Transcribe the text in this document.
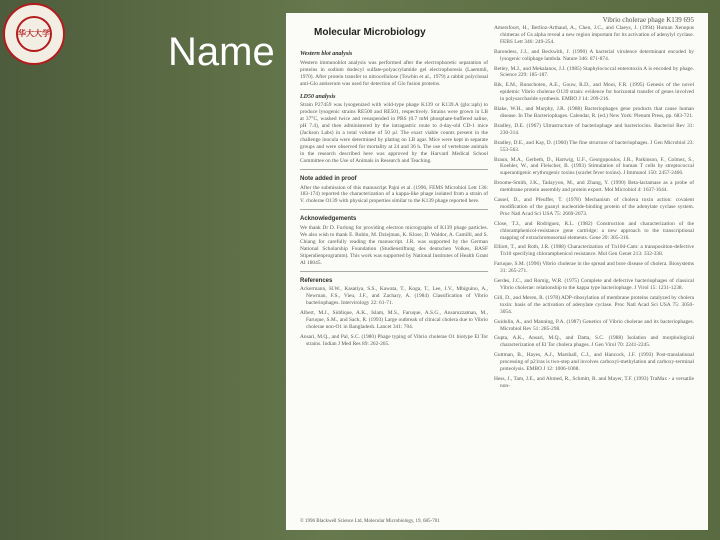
华大大学	Name	Molecular Microbiology
Vibrio cholerae phage K139 695
Western blot analysis

Western immunoblot analysis was performed after the electrophoretic separation of proteins in sodium dodecyl sulfate-polyacrylamide gel electrophoresis (Laemmli, 1970). After protein transfer to nitrocellulose (Towbin et al., 1979) a rabbit polyclonal anti-Glo antiserum was used for detection of Glo fusion proteins.

LD50 analysis

Strain P27459 was lysogenized with wild-type phage K139 or K139.A (glo::aph) to produce lysogenic strains RE500 and RE501, respectively. Strains were grown in LB at 37°C, washed twice and resuspended in PBS (0.7 mM phosphate-buffered saline, pH 7.4), and then administered by the intragastric route to 4-day-old CD-1 mice (Jackson Labs) in a total volume of 50 µl. The exact viable counts present in the challenge inocula were determined by plating on LB agar. Mice were kept in separate groups and were observed for mortality at 24 and 36 h. The use of vertebrate animals in the research described here was approved by the Harvard Medical School Committee on the Use of Animals in Research and Teaching.

Note added in proof

After the submission of this manuscript Pajni et al. (1996, FEMS Microbiol Lett 136: 183-174) reported the characterization of a kappa-like phage isolated from a strain of V. cholerae O139 with physical properties similar to the K139 phage reported here.

Acknowledgements

We thank Dr D. Furlong for providing electron micrographs of K139 phage particles. We also wish to thank E. Rubin, M. Dziejman, K. Klose, D. Waldor, A. Camilli, and S. Chiang for carefully reading the manuscript. J.R. was supported by the German National Scholarship Foundation (Studienstiftung des deutschen Volkes, BASF Stipendienprogramm). This work was supported by National Institutes of Health Grant AI 18045.

References

Ackermann, H.W., Kasatiya, S.S., Kawata, T., Koga, T., Lee, J.V., Mbiguino, A., Newman, F.S., Vieu, J.F., and Zachary, A. (1984) Classification of Vibrio bacteriophages. Intervirology 22: 61-71.

Albert, M.J., Siddique, A.K., Islam, M.S., Faruque, A.S.G., Ansaruzzaman, M., Faruque, S.M., and Sack, R. (1993) Large outbreak of clinical cholera due to Vibrio cholerae non-O1 in Bangladesh. Lancet 341: 704.

Ansari, M.Q., and Pal, S.C. (1980) Phage typing of Vibrio cholerae O1 biotype El Tor strains. Indian J Med Res 89: 262-265.

Amersfoort, H., Berlioz-Arthaud, A., Chen, J.C., and Claeys, J. (1994) Human Xenopus chimeras of Gs alpha reveal a new region important for its activation of adenylyl cyclase. FEBS Lett 346: 249-254.

Barondess, J.J., and Beckwith, J. (1990) A bacterial virulence determinant encoded by lysogenic coliphage lambda. Nature 346: 871-874.

Betley, M.J., and Mekalanos, J.J. (1985) Staphylococcal enterotoxin A is encoded by phage. Science 229: 185-187.

Bik, E.M., Bunschoten, A.E., Gouw, R.D., and Mooi, F.R. (1995) Genesis of the novel epidemic Vibrio cholerae O139 strain: evidence for horizontal transfer of genes involved in polysaccharide synthesis. EMBO J 14: 209-216.

Blake, W.H., and Murphy, J.R. (1988) Bacteriophages gene products that cause human disease. In The Bacteriophages. Calendar, R. (ed.) New York: Plenum Press, pp. 683-721.

Bradley, D.E. (1967) Ultrastructure of bacteriophage and bacteriocins. Bacteriol Rev 31: 230-314.

Bradley, D.E., and Kay, D. (1960) The fine structure of bacteriophages. J Gen Microbiol 23: 553-563.

Braun, M.A., Gerbeth, D., Hartwig, U.F., Georgopoulos, J.R., Parkinson, F., Colmez, S., Koehler, W., and Fleischer, B. (1993) Stimulation of human T cells by streptococcal superantigenic erythrogenic toxins (scarlet fever toxins). J Immunol 150: 2457-2466.

Broome-Smith, J.K., Tadayyon, M., and Zhang, Y. (1990) Beta-lactamase as a probe of membrane protein assembly and protein export. Mol Microbiol 4: 1637-1644.

Cassel, D., and Pfeuffer, T. (1978) Mechanism of cholera toxin action: covalent modification of the guanyl nucleotide-binding protein of the adenylate cyclase system. Proc Natl Acad Sci USA 75: 2669-2673.

Close, T.J., and Rodriguez, R.L. (1982) Construction and characterization of the chloramphenicol-resistance gene cartridge: a new approach to the transcriptional mapping of extrachromosomal elements. Gene 20: 305-316.

Elliott, T., and Roth, J.R. (1988) Characterization of Tn10d-Cam: a transposition-defective Tn10 specifying chloramphenicol resistance. Mol Gen Genet 213: 332-338.

Faruque, S.M. (1996) Vibrio cholerae in the spread and bore disease of cholera. Biosystems 31: 265-271.

Gerdes, J.C., and Romig, W.R. (1975) Complete and defective bacteriophages of classical Vibrio cholerae: relationship to the kappa type bacteriophage. J Virol 15: 1231-1238.

Gill, D., and Meren, R. (1978) ADP-ribosylation of membrane proteins catalyzed by cholera toxin: basis of the activation of adenylate cyclase. Proc Natl Acad Sci USA 75: 3050-3054.

Guidolin, A., and Manning, P.A. (1987) Genetics of Vibrio cholerae and its bacteriophages. Microbiol Rev 51: 285-298.

Gupta, A.K., Ansari, M.Q., and Datta, S.C. (1988) Isolation and morphological characterization of El Tor cholera phages. J Gen Virol 70: 2241-2245.

Guttman, B., Hayes, A.J., Marshall, C.J., and Hancock, J.F. (1993) Post-translational processing of p21ras is two-step and involves carboxyl-methylation and carboxy-terminal proteolysis. EMBO J 12: 1006-1008.

Hess, J., Tam, J.E., and Ahmed, R., Schmitt, R. and Mayer, T.F. (1993) TraMax - a versatile non-

© 1996 Blackwell Science Ltd, Molecular Microbiology, 19, 685-701
